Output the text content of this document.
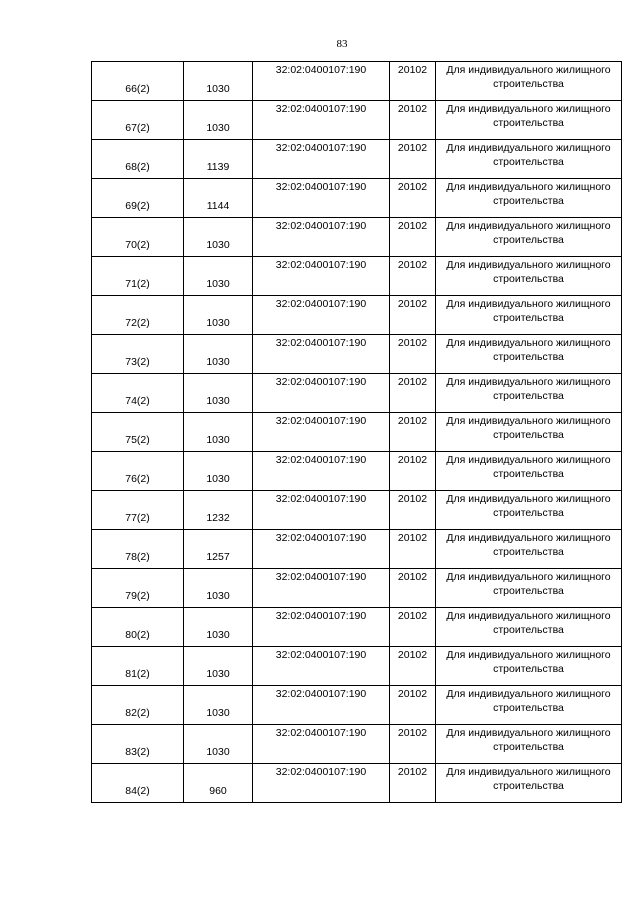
83
66(2)	1030	32:02:0400107:190	20102	Для индивидуального жилищного
строительства

67(2)	1030	32:02:0400107:190	20102	Для индивидуального жилищного
строительства

68(2)	1139	32:02:0400107:190	20102	Для индивидуального жилищного
строительства

69(2)	1144	32:02:0400107:190	20102	Для индивидуального жилищного
строительства

70(2)	1030	32:02:0400107:190	20102	Для индивидуального жилищного
строительства

71(2)	1030	32:02:0400107:190	20102	Для индивидуального жилищного
строительства

72(2)	1030	32:02:0400107:190	20102	Для индивидуального жилищного
строительства

73(2)	1030	32:02:0400107:190	20102	Для индивидуального жилищного
строительства

74(2)	1030	32:02:0400107:190	20102	Для индивидуального жилищного
строительства

75(2)	1030	32:02:0400107:190	20102	Для индивидуального жилищного
строительства

76(2)	1030	32:02:0400107:190	20102	Для индивидуального жилищного
строительства

77(2)	1232	32:02:0400107:190	20102	Для индивидуального жилищного
строительства

78(2)	1257	32:02:0400107:190	20102	Для индивидуального жилищного
строительства

79(2)	1030	32:02:0400107:190	20102	Для индивидуального жилищного
строительства

80(2)	1030	32:02:0400107:190	20102	Для индивидуального жилищного
строительства

81(2)	1030	32:02:0400107:190	20102	Для индивидуального жилищного
строительства

82(2)	1030	32:02:0400107:190	20102	Для индивидуального жилищного
строительства

83(2)	1030	32:02:0400107:190	20102	Для индивидуального жилищного
строительства

84(2)	960	32:02:0400107:190	20102	Для индивидуального жилищного
строительства
